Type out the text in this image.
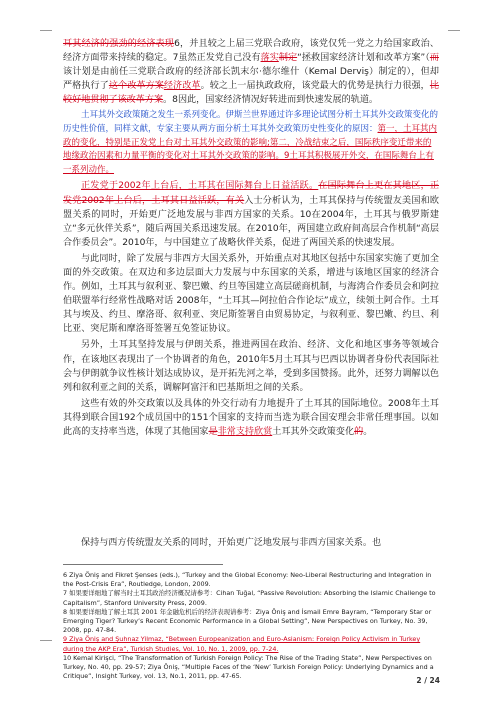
耳其经济的强劲的经济表现6，并且较之上届三党联合政府，该党仅凭一党之力给国家政治、经济方面带来持续的稳定。7虽然正发党自己没有落实制定“拯救国家经济计划和改革方案”（而该计划是由前任三党联合政府的经济部长凯末尔·德尔维什（Kemal Derviş）制定的），但却严格执行了这个改革方案经济改革。较之上一届执政政府，该党最大的优势是执行力很强，比较好地贯彻了该改革方案。8因此，国家经济情况好转进而到快速发展的轨道。

土耳其外交政策随之发生一系列变化。伊斯兰世界通过许多理论试图分析土耳其外交政策变化的历史性价值，同样文献，专家主要从两方面分析土耳其外交政策历史性变化的原因：第一，土耳其内政的变化，特别是正发党上台对土耳其外交政策的影响;第二，冷战结束之后，国际秩序变迁带来的地缘政治因素和力量平衡的变化对土耳其外交政策的影响。9土耳其积极展开外交，在国际舞台上有一系列动作。

正发党于2002年上台后，土耳其在国际舞台上日益活跃。在国际舞台上更在其地区，正发党2002年上台后，土耳其日益活跃，有关入士分析认为，土耳其保持与传统盟友美国和欧盟关系的同时，开始更广泛地发展与非西方国家的关系。10在2004年，土耳其与俄罗斯建立“多元伙伴关系”，随后两国关系迅速发展。在2010年，两国建立政府间高层合作机制“高层合作委员会”。2010年，与中国建立了战略伙伴关系，促进了两国关系的快速发展。

与此同时，除了发展与非西方大国关系外，开始重点对其地区包括中东国家实施了更加全面的外交政策。在双边和多边层面大力发展与中东国家的关系，增进与该地区国家的经济合作。例如，土耳其与叙利亚、黎巴嫩、约旦等国建立高层磋商机制，与海湾合作委员会和阿拉伯联盟举行经常性战略对话 2008年，“土耳其—阿拉伯合作论坛”成立，续领土阿合作。土耳其与埃及、约旦、摩洛哥、叙利亚、突尼斯签署自由贸易协定，与叙利亚、黎巴嫩、约旦、利比亚、突尼斯和摩洛哥签署互免签证协议。

另外，土耳其坚持发展与伊朗关系，推进两国在政治、经济、文化和地区事务等领域合作，在该地区表现出了一个协调者的角色，2010年5月土耳其与巴西以协调者身份代表国际社会与伊朗就争议性核计划达成协议，是开拓先河之举，受到多国赞扬。此外，还努力调解以色列和叙利亚之间的关系，调解阿富汗和巴基斯坦之间的关系。

这些有效的外交政策以及具体的外交行动有力地提升了土耳其的国际地位。2008年土耳其得到联合国192个成员国中的151个国家的支持而当选为联合国安理会非常任理事国。以如此高的支持率当选，体现了其他国家是非常支持欣赏土耳其外交政策变化的。

保持与西方传统盟友关系的同时，开始更广泛地发展与非西方国家关系。也

6 Ziya Öniş and Fikret Şenses (eds.), “Turkey and the Global Economy: Neo-Liberal Restructuring and Integration in the Post-Crisis Era”, Routledge, London, 2009.

7 如果要详细地了解当时土耳其政治经济概况请参考：Cihan Tuğal, “Passive Revolution: Absorbing the Islamic Challenge to Capitalism”, Stanford University Press, 2009.

8 如果要详细地了解土耳其 2001 年金融危机后的经济表现请参考：Ziya Öniş and İsmail Emre Bayram, “Temporary Star or Emerging Tiger? Turkey’s Recent Economic Performance in a Global Setting”, New Perspectives on Turkey, No. 39, 2008, pp. 47-84.

9 Ziya Öniş and Şuhnaz Yilmaz, “Between Europeanization and Euro-Asianism: Foreign Policy Activism in Turkey during the AKP Era”, Turkish Studies, Vol. 10, No. 1, 2009, pp. 7-24.

10 Kemal Kirişci, “The Transformation of Turkish Foreign Policy: The Rise of the Trading State”, New Perspectives on Turkey, No. 40, pp. 29-57; Ziya Öniş, “Multiple Faces of the ‘New’ Turkish Foreign Policy: Underlying Dynamics and a Critique”, Insight Turkey, vol. 13, No.1, 2011, pp. 47-65.	2 / 24
